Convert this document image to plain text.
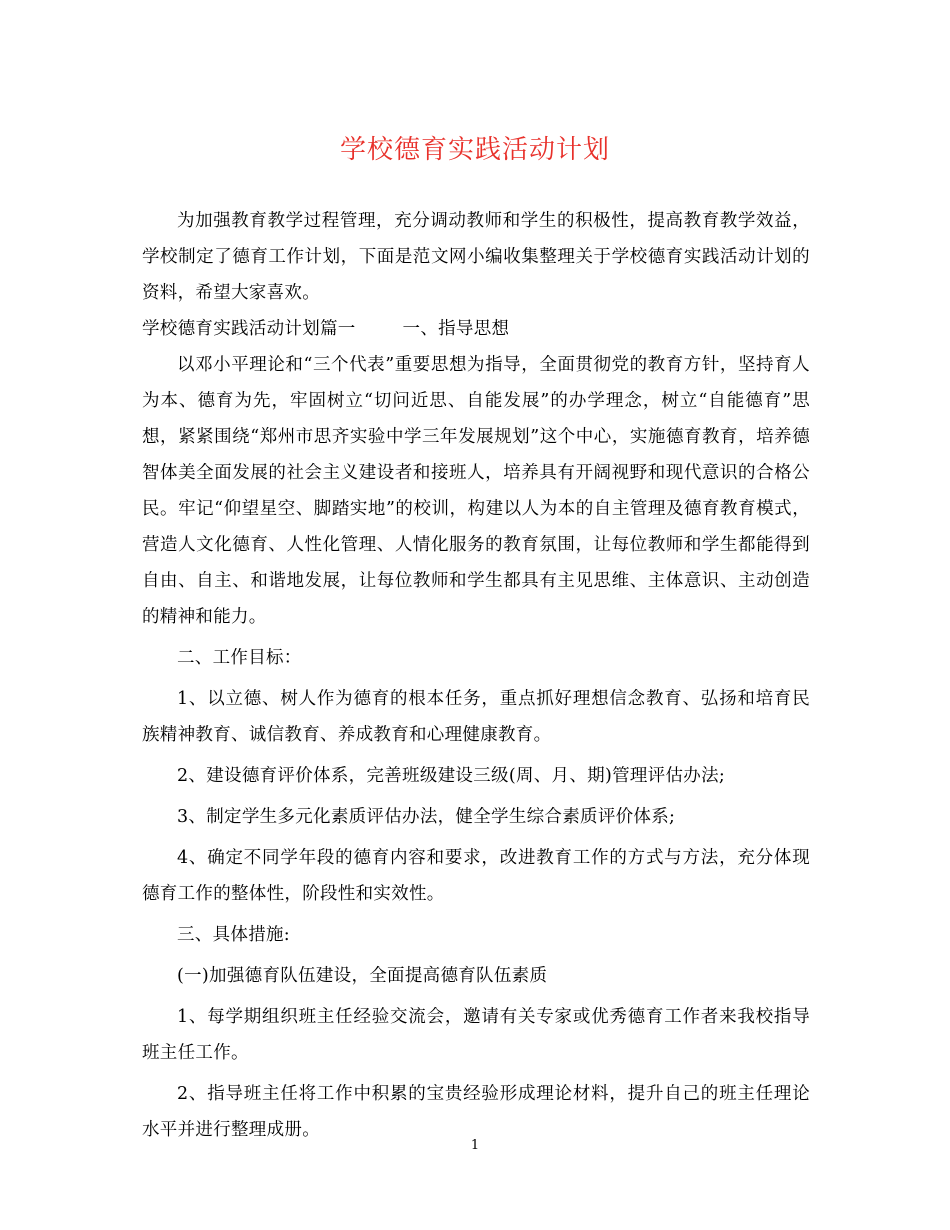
学校德育实践活动计划

为加强教育教学过程管理，充分调动教师和学生的积极性，提高教育教学效益，学校制定了德育工作计划，下面是范文网小编收集整理关于学校德育实践活动计划的资料，希望大家喜欢。

学校德育实践活动计划篇一	一、指导思想

以邓小平理论和“三个代表”重要思想为指导，全面贯彻党的教育方针，坚持育人为本、德育为先，牢固树立“切问近思、自能发展”的办学理念，树立“自能德育”思想，紧紧围绕“郑州市思齐实验中学三年发展规划”这个中心，实施德育教育，培养德智体美全面发展的社会主义建设者和接班人，培养具有开阔视野和现代意识的合格公民。牢记“仰望星空、脚踏实地”的校训，构建以人为本的自主管理及德育教育模式，营造人文化德育、人性化管理、人情化服务的教育氛围，让每位教师和学生都能得到自由、自主、和谐地发展，让每位教师和学生都具有主见思维、主体意识、主动创造的精神和能力。

二、工作目标：

1、以立德、树人作为德育的根本任务，重点抓好理想信念教育、弘扬和培育民族精神教育、诚信教育、养成教育和心理健康教育。

2、建设德育评价体系，完善班级建设三级(周、月、期)管理评估办法;

3、制定学生多元化素质评估办法，健全学生综合素质评价体系;

4、确定不同学年段的德育内容和要求，改进教育工作的方式与方法，充分体现德育工作的整体性，阶段性和实效性。

三、具体措施:

(一)加强德育队伍建设，全面提高德育队伍素质

1、每学期组织班主任经验交流会，邀请有关专家或优秀德育工作者来我校指导班主任工作。

2、指导班主任将工作中积累的宝贵经验形成理论材料，提升自己的班主任理论水平并进行整理成册。

1
